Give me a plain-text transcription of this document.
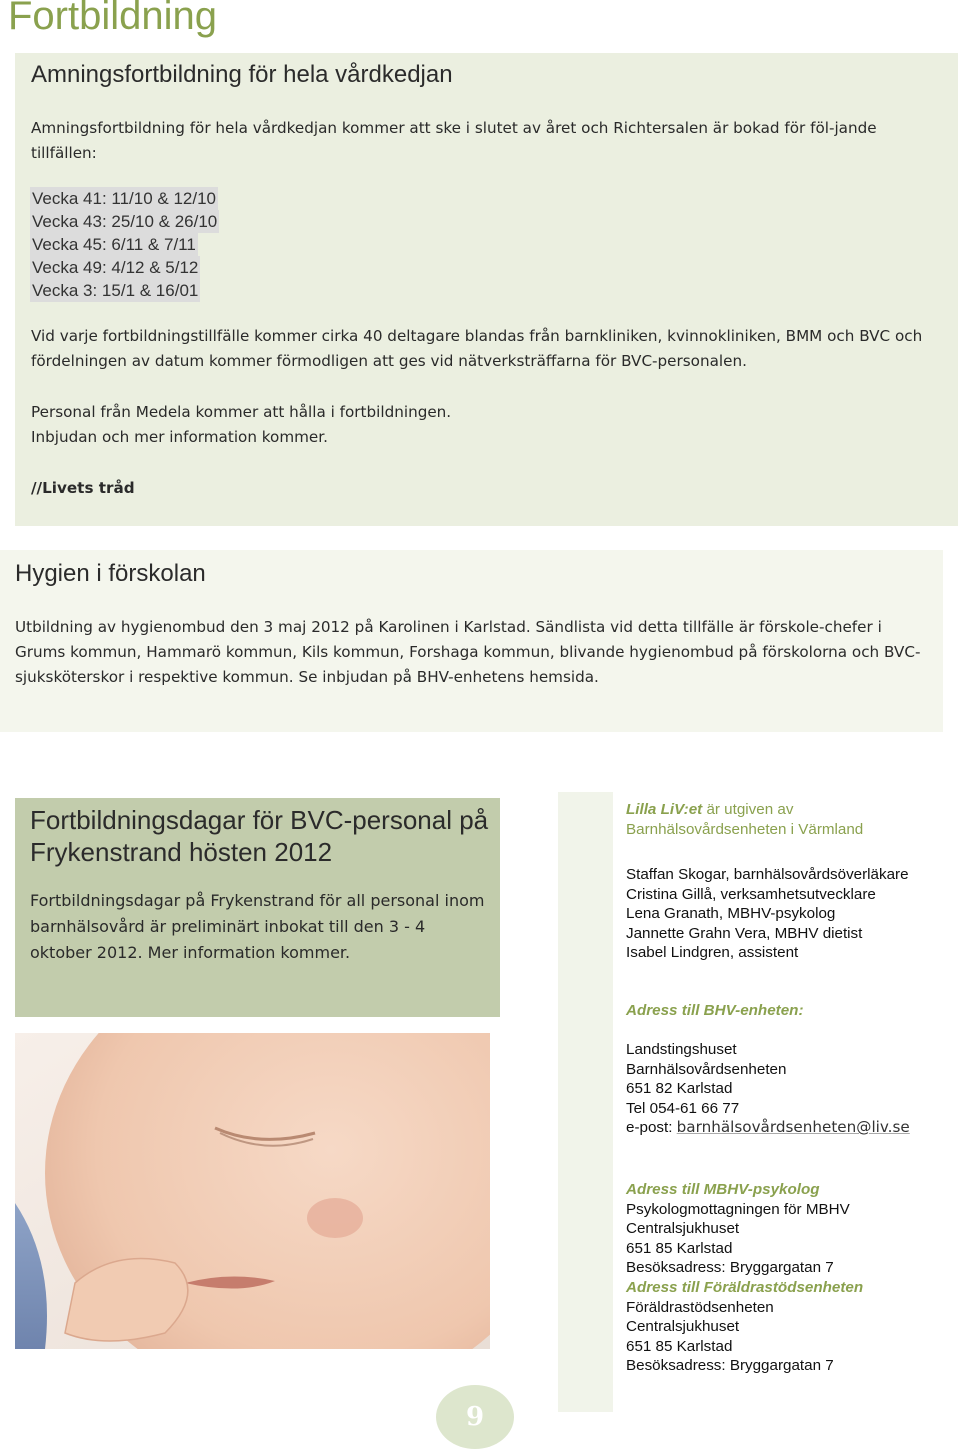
Fortbildning
Amningsfortbildning för hela vårdkedjan
Amningsfortbildning för hela vårdkedjan kommer att ske i slutet av året och Richtersalen är bokad för föl-jande tillfällen:
Vecka 41: 11/10 & 12/10
Vecka 43: 25/10 & 26/10
Vecka 45: 6/11 & 7/11
Vecka 49: 4/12 & 5/12
Vecka 3: 15/1 & 16/01
Vid varje fortbildningstillfälle kommer cirka 40 deltagare blandas från barnkliniken, kvinnokliniken, BMM och BVC och fördelningen av datum kommer förmodligen att ges vid nätverksträffarna för BVC-personalen.
Personal från Medela kommer att hålla i fortbildningen.
Inbjudan och mer information kommer.
//Livets tråd
Hygien i förskolan
Utbildning av hygienombud den 3 maj 2012 på Karolinen i Karlstad. Sändlista vid detta tillfälle är förskole-chefer i Grums kommun, Hammarö kommun, Kils kommun, Forshaga kommun, blivande hygienombud på förskolorna och BVC-sjuksköterskor i respektive kommun. Se inbjudan på BHV-enhetens hemsida.
Fortbildningsdagar för BVC-personal på Frykenstrand hösten 2012
Fortbildningsdagar på Frykenstrand för all personal inom barnhälsovård är preliminärt inbokat till den 3 - 4 oktober 2012. Mer information kommer.
Lilla LiV:et är utgiven av
Barnhälsovårdsenheten i Värmland
Staffan Skogar, barnhälsovårdsöverläkare
Cristina Gillå, verksamhetsutvecklare
Lena Granath, MBHV-psykolog
Jannette Grahn Vera, MBHV dietist
Isabel Lindgren, assistent
Adress till BHV-enheten:
Landstingshuset
Barnhälsovårdsenheten
651 82 Karlstad
Tel 054-61 66 77
e-post: barnhälsovårdsenheten@liv.se
Adress till MBHV-psykolog
Psykologmottagningen för MBHV
Centralsjukhuset
651 85 Karlstad
Besöksadress: Bryggargatan 7
Adress till Föräldrastödsenheten
Föräldrastödsenheten
Centralsjukhuset
651 85 Karlstad
Besöksadress: Bryggargatan 7
9
